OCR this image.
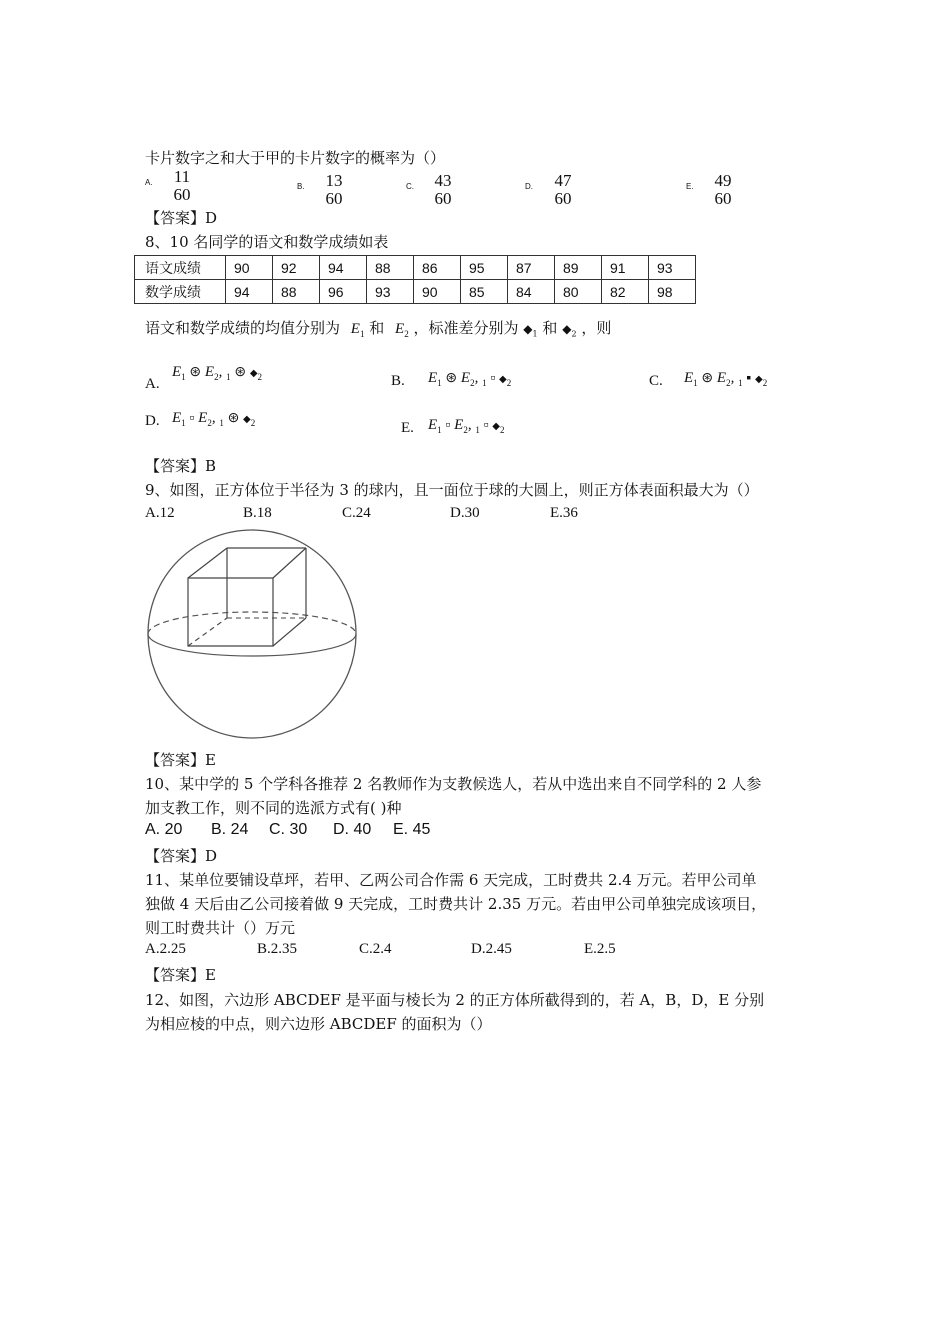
卡片数字之和大于甲的卡片数字的概率为（）
A.	11
60	B.	13
60
C.	43
60
D.	47
60
E.	49
60
【答案】D
8、10 名同学的语文和数学成绩如表
语文成绩	90	92	94	88	86	95	87	89	91	93
数学成绩	94	88	96	93	90	85	84	80	82	98
语文和数学成绩的均值分别为 $E_1$ 和 $E_2$ ，标准差分别为 $◆_1$ 和 $◆_2$ ，则
A.
$E_1$ ⊛ $E_2$, $_1$ ⊛ $◆_2$	B. $E_1$ ⊛ $E_2$, $_1$ ▫ $◆_2$	C. $E_1$ ⊛ $E_2$, $_1$ ▪ $◆_2$
D. $E_1$ ▫ $E_2$, $_1$ ⊛ $◆_2$	E. $E_1$ ▫ $E_2$, $_1$ ▫ $◆_2$
【答案】B
9、如图，正方体位于半径为 3 的球内，且一面位于球的大圆上，则正方体表面积最大为（）
A.12	B.18	C.24	D.30	E.36
【答案】E
10、某中学的 5 个学科各推荐 2 名教师作为支教候选人，若从中选出来自不同学科的 2 人参
加支教工作，则不同的选派方式有( )种
A. 20 B. 24 C. 30 D. 40 E. 45
【答案】D
11、某单位要铺设草坪，若甲、乙两公司合作需 6 天完成，工时费共 2.4 万元。若甲公司单
独做 4 天后由乙公司接着做 9 天完成，工时费共计 2.35 万元。若由甲公司单独完成该项目，
则工时费共计（）万元
A.2.25	B.2.35	C.2.4	D.2.45	E.2.5
【答案】E
12、如图，六边形 ABCDEF 是平面与棱长为 2 的正方体所截得到的，若 A，B，D，E 分别
为相应棱的中点，则六边形 ABCDEF 的面积为（）
